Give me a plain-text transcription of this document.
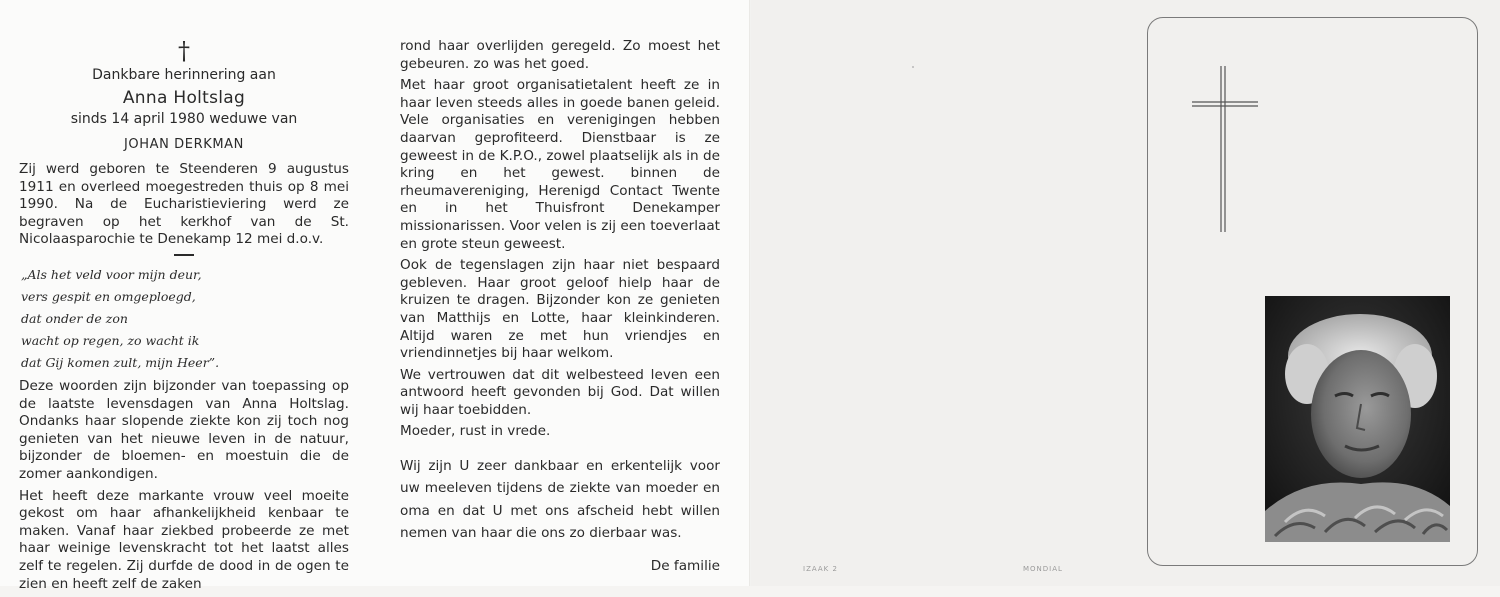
†
Dankbare herinnering aan
Anna Holtslag
sinds 14 april 1980 weduwe van
JOHAN DERKMAN
Zij werd geboren te Steenderen 9 augustus 1911 en overleed moegestreden thuis op 8 mei 1990. Na de Eucharistieviering werd ze begraven op het kerkhof van de St. Nicolaasparochie te Denekamp 12 mei d.o.v.
„Als het veld voor mijn deur,
vers gespit en omgeploegd,
dat onder de zon
wacht op regen, zo wacht ik
dat Gij komen zult, mijn Heer”.
Deze woorden zijn bijzonder van toepassing op de laatste levensdagen van Anna Holtslag. Ondanks haar slopende ziekte kon zij toch nog genieten van het nieuwe leven in de natuur, bijzonder de bloemen- en moestuin die de zomer aankondigen.
Het heeft deze markante vrouw veel moeite gekost om haar afhankelijkheid kenbaar te maken. Vanaf haar ziekbed probeerde ze met haar weinige levenskracht tot het laatst alles zelf te regelen. Zij durfde de dood in de ogen te zien en heeft zelf de zaken
rond haar overlijden geregeld. Zo moest het gebeuren. zo was het goed.
Met haar groot organisatietalent heeft ze in haar leven steeds alles in goede banen geleid. Vele organisaties en verenigingen hebben daarvan geprofiteerd. Dienstbaar is ze geweest in de K.P.O., zowel plaatselijk als in de kring en het gewest. binnen de rheumavereniging, Herenigd Contact Twente en in het Thuisfront Denekamper missionarissen. Voor velen is zij een toeverlaat en grote steun geweest.
Ook de tegenslagen zijn haar niet bespaard gebleven. Haar groot geloof hielp haar de kruizen te dragen. Bijzonder kon ze genieten van Matthijs en Lotte, haar kleinkinderen. Altijd waren ze met hun vriendjes en vriendinnetjes bij haar welkom.
We vertrouwen dat dit welbesteed leven een antwoord heeft gevonden bij God. Dat willen wij haar toebidden.
Moeder, rust in vrede.
Wij zijn U zeer dankbaar en erkentelijk voor uw meeleven tijdens de ziekte van moeder en oma en dat U met ons afscheid hebt willen nemen van haar die ons zo dierbaar was.
De familie	IZAAK 2	MONDIAL
